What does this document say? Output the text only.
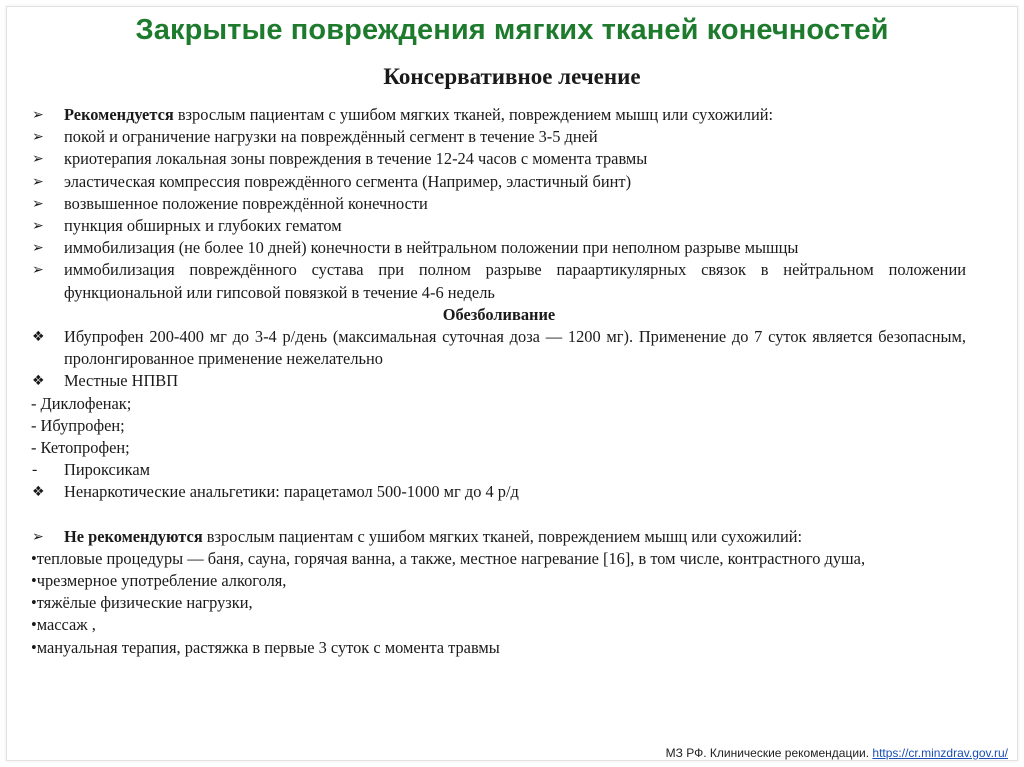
Закрытые повреждения мягких тканей конечностей
Консервативное лечение
➢	Рекомендуется взрослым пациентам с ушибом мягких тканей, повреждением мышц или сухожилий:
➢	покой и ограничение нагрузки на повреждённый сегмент в течение 3-5 дней
➢	криотерапия локальная зоны повреждения в течение 12-24 часов с момента травмы
➢	эластическая компрессия повреждённого сегмента (Например, эластичный бинт)
➢	возвышенное положение повреждённой конечности
➢	пункция обширных и глубоких гематом
➢	иммобилизация (не более 10 дней) конечности в нейтральном положении при неполном разрыве мышцы
➢	иммобилизация повреждённого сустава при полном разрыве параартикулярных связок в нейтральном положении функциональной или гипсовой повязкой в течение 4-6 недель
Обезболивание
❖	Ибупрофен 200-400 мг до 3-4 р/день (максимальная суточная доза — 1200 мг). Применение до 7 суток является безопасным, пролонгированное применение нежелательно
❖	Местные НПВП
- Диклофенак;
- Ибупрофен;
- Кетопрофен;
-	Пироксикам
❖	Ненаркотические анальгетики: парацетамол 500-1000 мг до 4 р/д
➢	Не рекомендуются взрослым пациентам с ушибом мягких тканей, повреждением мышц или сухожилий:
•тепловые процедуры — баня, сауна, горячая ванна, а также, местное нагревание [16], в том числе, контрастного душа,
•чрезмерное употребление алкоголя,
•тяжёлые физические нагрузки,
•массаж ,
•мануальная терапия, растяжка в первые 3 суток с момента травмы
МЗ РФ. Клинические рекомендации. https://cr.minzdrav.gov.ru/
